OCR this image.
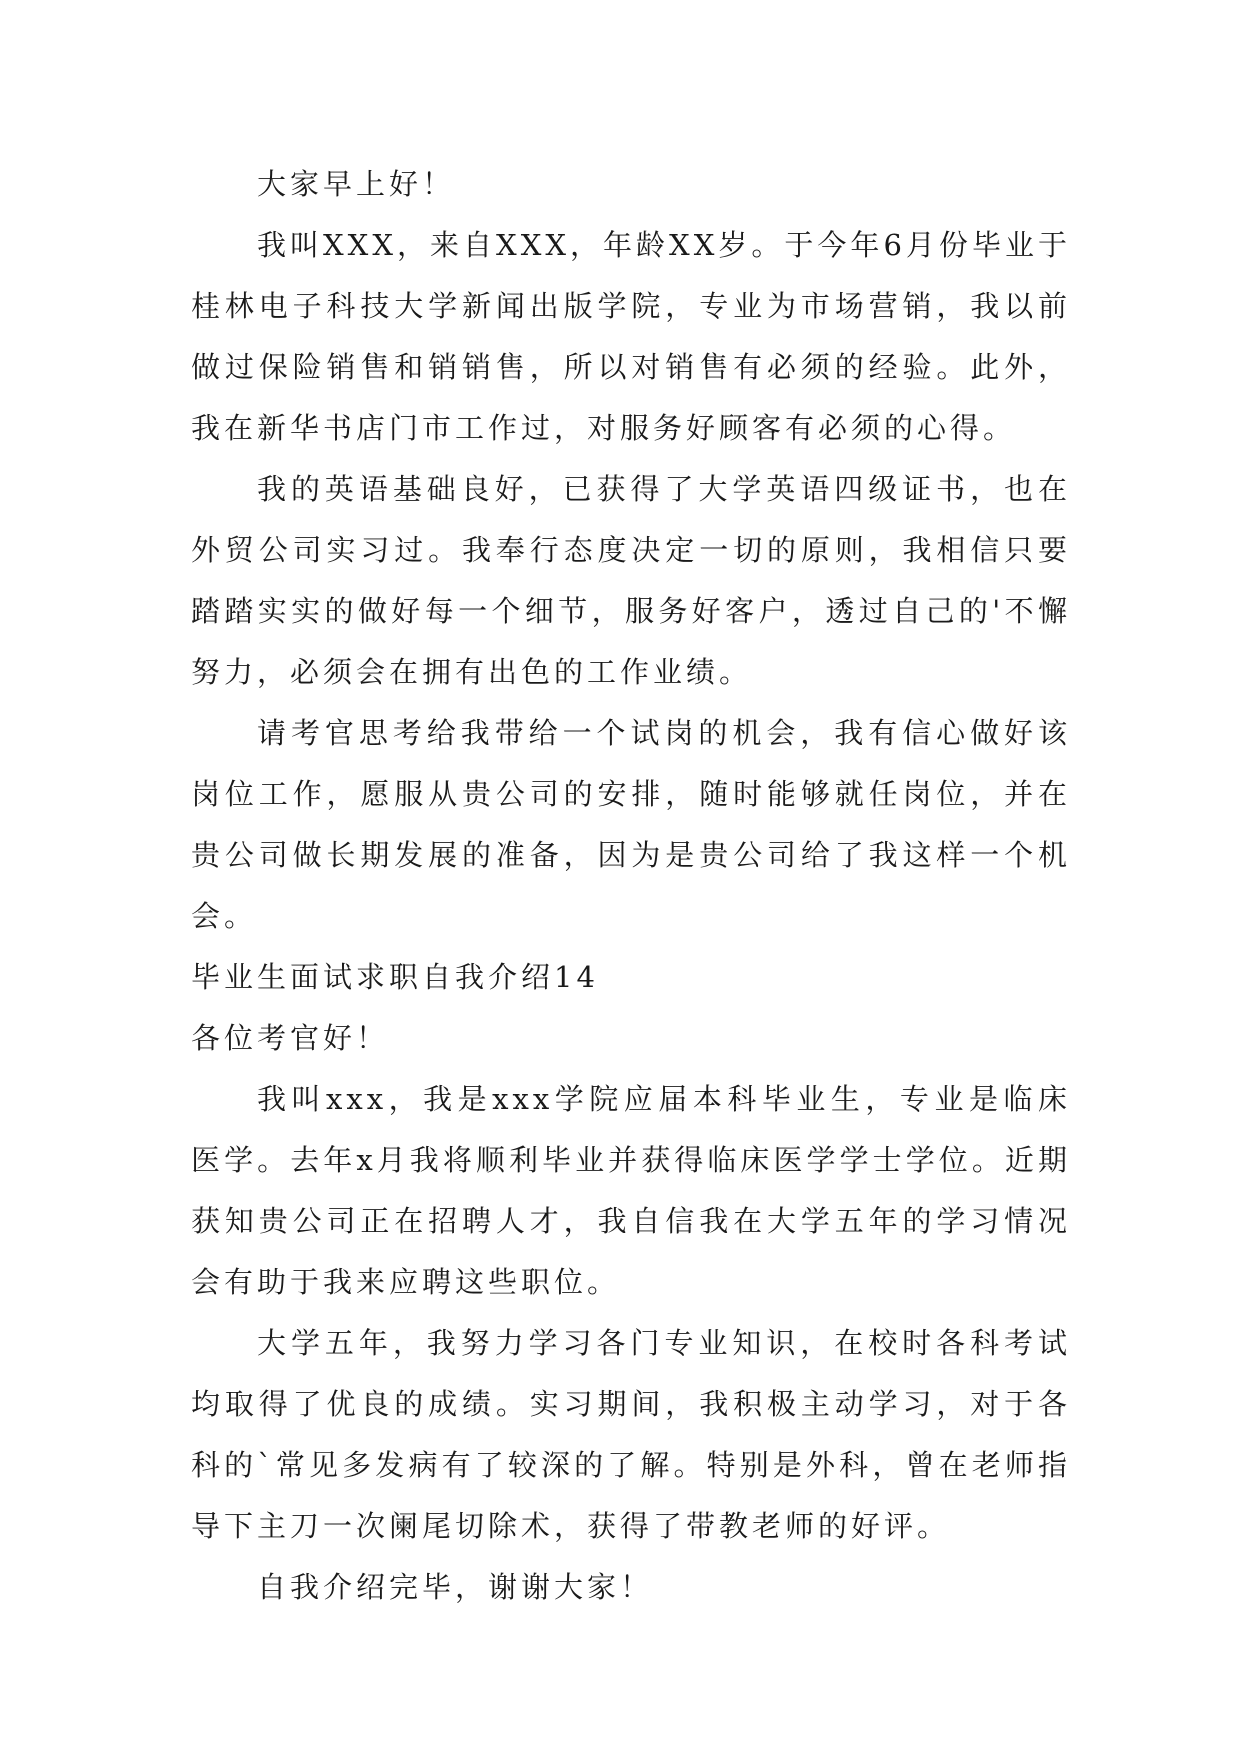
大家早上好！

我叫XXX，来自XXX，年龄XX岁。于今年6月份毕业于桂林电子科技大学新闻出版学院，专业为市场营销，我以前做过保险销售和销销售，所以对销售有必须的经验。此外，我在新华书店门市工作过，对服务好顾客有必须的心得。

我的英语基础良好，已获得了大学英语四级证书，也在外贸公司实习过。我奉行态度决定一切的原则，我相信只要踏踏实实的做好每一个细节，服务好客户，透过自己的'不懈努力，必须会在拥有出色的工作业绩。

请考官思考给我带给一个试岗的机会，我有信心做好该岗位工作，愿服从贵公司的安排，随时能够就任岗位，并在贵公司做长期发展的准备，因为是贵公司给了我这样一个机会。

毕业生面试求职自我介绍14

各位考官好！

我叫xxx，我是xxx学院应届本科毕业生，专业是临床医学。去年x月我将顺利毕业并获得临床医学学士学位。近期获知贵公司正在招聘人才，我自信我在大学五年的学习情况会有助于我来应聘这些职位。

大学五年，我努力学习各门专业知识，在校时各科考试均取得了优良的成绩。实习期间，我积极主动学习，对于各科的`常见多发病有了较深的了解。特别是外科，曾在老师指导下主刀一次阑尾切除术，获得了带教老师的好评。

自我介绍完毕，谢谢大家！
